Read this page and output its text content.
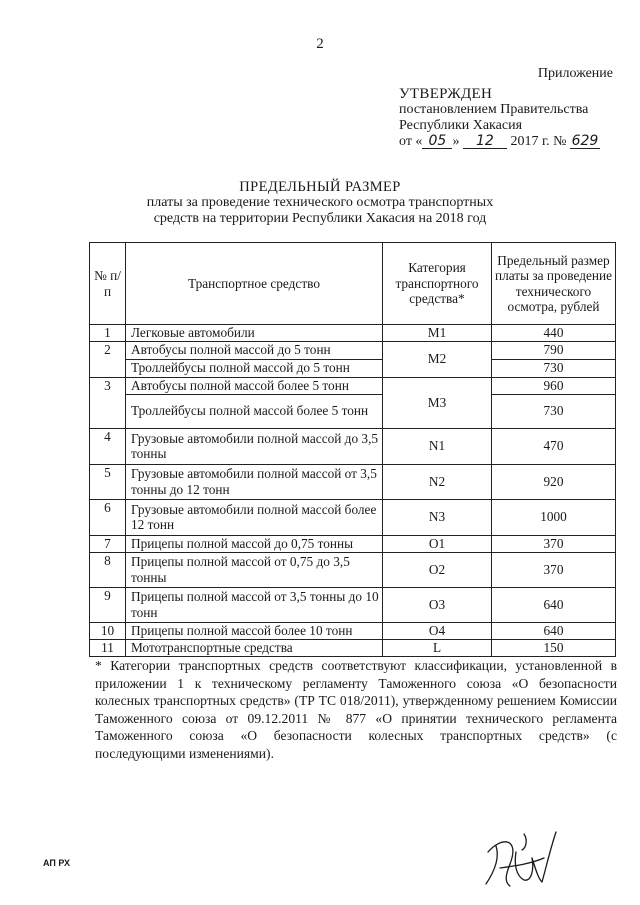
2
Приложение
УТВЕРЖДЕН
постановлением Правительства
Республики Хакасия
от « 05 » 12 2017 г. № 629
ПРЕДЕЛЬНЫЙ РАЗМЕР
платы за проведение технического осмотра транспортных
средств на территории Республики Хакасия на 2018 год
№ п/п	Транспортное средство	Категория транспортного средства*	Предельный размер платы за проведение технического осмотра, рублей
1	Легковые автомобили	M1	440
2	Автобусы полной массой до 5 тонн	M2	790
	Троллейбусы полной массой до 5 тонн		730
3	Автобусы полной массой более 5 тонн	M3	960
	Троллейбусы полной массой более 5 тонн		730
4	Грузовые автомобили полной массой до 3,5 тонны	N1	470
5	Грузовые автомобили полной массой от 3,5 тонны до 12 тонн	N2	920
6	Грузовые автомобили полной массой более 12 тонн	N3	1000
7	Прицепы полной массой до 0,75 тонны	O1	370
8	Прицепы полной массой от 0,75 до 3,5 тонны	O2	370
9	Прицепы полной массой от 3,5 тонны до 10 тонн	O3	640
10	Прицепы полной массой более 10 тонн	O4	640
11	Мототранспортные средства	L	150
* Категории транспортных средств соответствуют классификации, установленной в приложении 1 к техническому регламенту Таможенного союза «О безопасности колесных транспортных средств» (ТР ТС 018/2011), утвержденному решением Комиссии Таможенного союза от 09.12.2011 № 877 «О принятии технического регламента Таможенного союза «О безопасности колесных транспортных средств» (с последующими изменениями).
АП РХ
